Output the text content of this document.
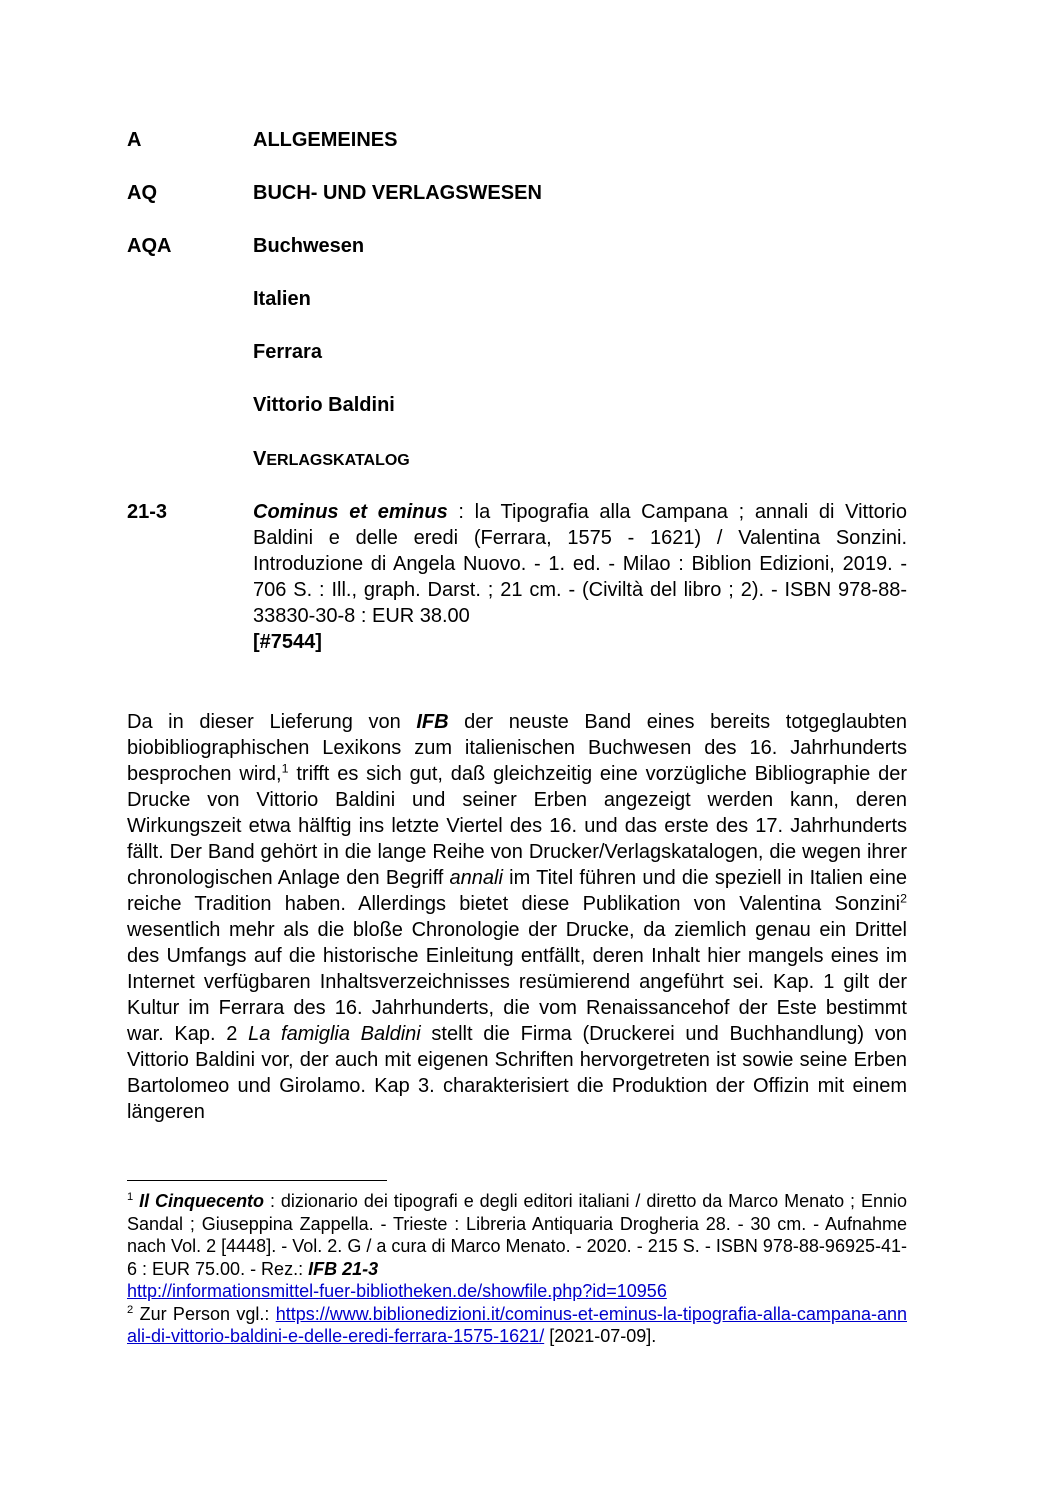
A	ALLGEMEINES
AQ	BUCH- UND VERLAGSWESEN
AQA	Buchwesen
Italien
Ferrara
Vittorio Baldini
VERLAGSKATALOG
21-3	Cominus et eminus : la Tipografia alla Campana ; annali di Vittorio Baldini e delle eredi (Ferrara, 1575 - 1621) / Valentina Sonzini. Introduzione di Angela Nuovo. - 1. ed. - Milao : Biblion Edizioni, 2019. - 706 S. : Ill., graph. Darst. ; 21 cm. - (Civiltà del libro ; 2). - ISBN 978-88-33830-30-8 : EUR 38.00
[#7544]

Da in dieser Lieferung von IFB der neuste Band eines bereits totgeglaubten biobibliographischen Lexikons zum italienischen Buchwesen des 16. Jahrhunderts besprochen wird,$^1$ trifft es sich gut, daß gleichzeitig eine vorzügliche Bibliographie der Drucke von Vittorio Baldini und seiner Erben angezeigt werden kann, deren Wirkungszeit etwa hälftig ins letzte Viertel des 16. und das erste des 17. Jahrhunderts fällt. Der Band gehört in die lange Reihe von Drucker/Verlagskatalogen, die wegen ihrer chronologischen Anlage den Begriff annali im Titel führen und die speziell in Italien eine reiche Tradition haben. Allerdings bietet diese Publikation von Valentina Sonzini$^2$ wesentlich mehr als die bloße Chronologie der Drucke, da ziemlich genau ein Drittel des Umfangs auf die historische Einleitung entfällt, deren Inhalt hier mangels eines im Internet verfügbaren Inhaltsverzeichnisses resümierend angeführt sei. Kap. 1 gilt der Kultur im Ferrara des 16. Jahrhunderts, die vom Renaissancehof der Este bestimmt war. Kap. 2 La famiglia Baldini stellt die Firma (Druckerei und Buchhandlung) von Vittorio Baldini vor, der auch mit eigenen Schriften hervorgetreten ist sowie seine Erben Bartolomeo und Girolamo. Kap 3. charakterisiert die Produktion der Offizin mit einem längeren

$^1$ Il Cinquecento : dizionario dei tipografi e degli editori italiani / diretto da Marco Menato ; Ennio Sandal ; Giuseppina Zappella. - Trieste : Libreria Antiquaria Drogheria 28. - 30 cm. - Aufnahme nach Vol. 2 [4448]. - Vol. 2. G / a cura di Marco Menato. - 2020. - 215 S. - ISBN 978-88-96925-41-6 : EUR 75.00. - Rez.: IFB 21-3
http://informationsmittel-fuer-bibliotheken.de/showfile.php?id=10956

$^2$ Zur Person vgl.: https://www.biblionedizioni.it/cominus-et-eminus-la-tipografia-alla-campana-annali-di-vittorio-baldini-e-delle-eredi-ferrara-1575-1621/ [2021-07-09].
